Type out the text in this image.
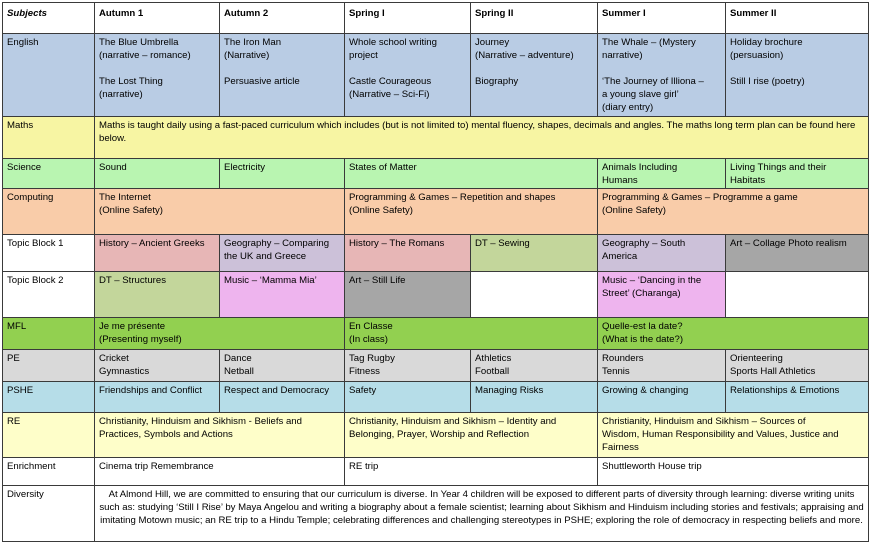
Subjects	Autumn 1	Autumn 2	Spring I	Spring II	Summer I	Summer II
English	The Blue Umbrella
(narrative – romance)
The Lost Thing
(narrative)	The Iron Man
(Narrative)
Persuasive article	Whole school writing
project
Castle Courageous
(Narrative – Sci-Fi)	Journey
(Narrative – adventure)
Biography	The Whale – (Mystery
narrative)
‘The Journey of Illiona –
a young slave girl’
(diary entry)	Holiday brochure
(persuasion)
Still I rise (poetry)

Maths	Maths is taught daily using a fast-paced curriculum which includes (but is not limited to) mental fluency, shapes, decimals and angles. The maths long term plan can be found here below.					

Science	Sound	Electricity	States of Matter		Animals Including
Humans	Living Things and their
Habitats

Computing	The Internet
(Online Safety)		Programming & Games – Repetition and shapes
(Online Safety)		Programming & Games – Programme a game
(Online Safety)	

Topic Block 1	History – Ancient Greeks	Geography – Comparing
the UK and Greece	History – The Romans	DT – Sewing	Geography – South
America	Art – Collage Photo realism

Topic Block 2	DT – Structures	Music – ‘Mamma Mia’	Art – Still Life		Music – ‘Dancing in the
Street’ (Charanga)	

MFL	Je me présente
(Presenting myself)		En Classe
(In class)		Quelle-est la date?
(What is the date?)	

PE	Cricket
Gymnastics	Dance
Netball	Tag Rugby
Fitness	Athletics
Football	Rounders
Tennis	Orienteering
Sports Hall Athletics

PSHE	Friendships and Conflict	Respect and Democracy	Safety	Managing Risks	Growing & changing	Relationships & Emotions

RE	Christianity, Hinduism and Sikhism - Beliefs and
Practices, Symbols and Actions		Christianity, Hinduism and Sikhism – Identity and
Belonging, Prayer, Worship and Reflection		Christianity, Hinduism and Sikhism – Sources of
Wisdom, Human Responsibility and Values, Justice and
Fairness	

Enrichment	Cinema trip Remembrance		RE trip		Shuttleworth House trip	

Diversity	At Almond Hill, we are committed to ensuring that our curriculum is diverse. In Year 4 children will be exposed to different parts of diversity through learning: diverse writing units such as: studying ‘Still I Rise’ by Maya Angelou and writing a biography about a female scientist; learning about Sikhism and Hinduism including stories and festivals; appraising and imitating Motown music; an RE trip to a Hindu Temple; celebrating differences and challenging stereotypes in PSHE; exploring the role of democracy in respecting beliefs and more.					
